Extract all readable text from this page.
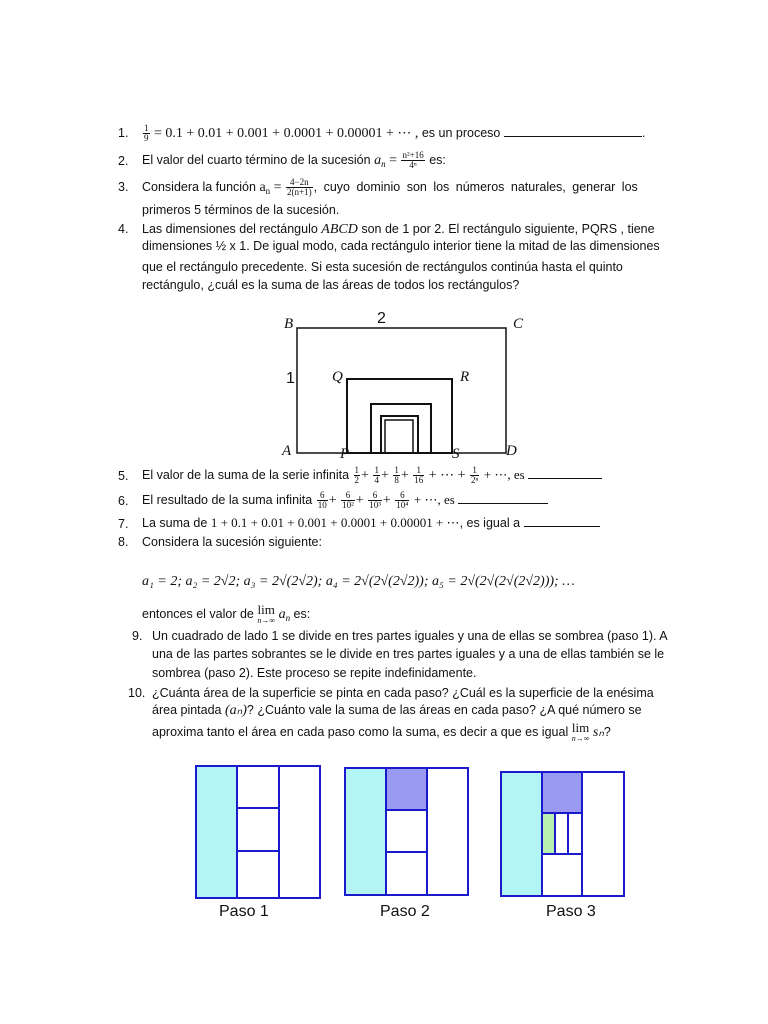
1. $\frac{1}{9} = 0.1 + 0.01 + 0.001 + 0.0001 + 0.00001$ + ⋯ , es un proceso	.
2. El valor del cuarto término de la sucesión $a_n = \frac{\text{n²+16}}{\text{4ⁿ}}$ es:
3. Considera la función $a_n = \frac{4-2n}{2(n+1)}$ , cuyo dominio son los números naturales, generar los
primeros 5 términos de la sucesión.
4. Las dimensiones del rectángulo ABCD son de 1 por 2. El rectángulo siguiente, PQRS , tiene
dimensiones ½ x 1. De igual modo, cada rectángulo interior tiene la mitad de las dimensiones
que el rectángulo precedente. Si esta sucesión de rectángulos continúa hasta el quinto
rectángulo, ¿cuál es la suma de las áreas de todos los rectángulos?
B	C
A	D
P	S
Q	R
2
1
5. El valor de la suma de la serie infinita $\frac{1}{2} + \frac{1}{4} + \frac{1}{8} + \frac{1}{16}$ + ⋯ + $\frac{1}{\text{2ⁿ}}$ + ⋯, es
6. El resultado de la suma infinita $\frac{6}{10} + \frac{6}{\text{10²}} + \frac{6}{\text{10³}} + \frac{6}{\text{10⁴}}$ + ⋯, es
7. La suma de 1 + 0.1 + 0.01 + 0.001 + 0.0001 + 0.00001 + ⋯, es igual a
8. Considera la sucesión siguiente:
a₁ = 2; a₂ = 2√2; a₃ = 2√(2√2); a₄ = 2√(2√(2√2)); a₅ = 2√(2√(2√(2√2))); …
entonces el valor de lim
n→∞ $a_n$ es:
9. Un cuadrado de lado 1 se divide en tres partes iguales y una de ellas se sombrea (paso 1). A
una de las partes sobrantes se le divide en tres partes iguales y a una de ellas también se le
sombrea (paso 2). Este proceso se repite indefinidamente.
10. ¿Cuánta área de la superficie se pinta en cada paso? ¿Cuál es la superficie de la enésima
área pintada (aₙ)? ¿Cuánto vale la suma de las áreas en cada paso? ¿A qué número se
aproxima tanto el área en cada paso como la suma, es decir a que es igual lim
n→∞ sₙ?
Paso 1	Paso 2	Paso 3
